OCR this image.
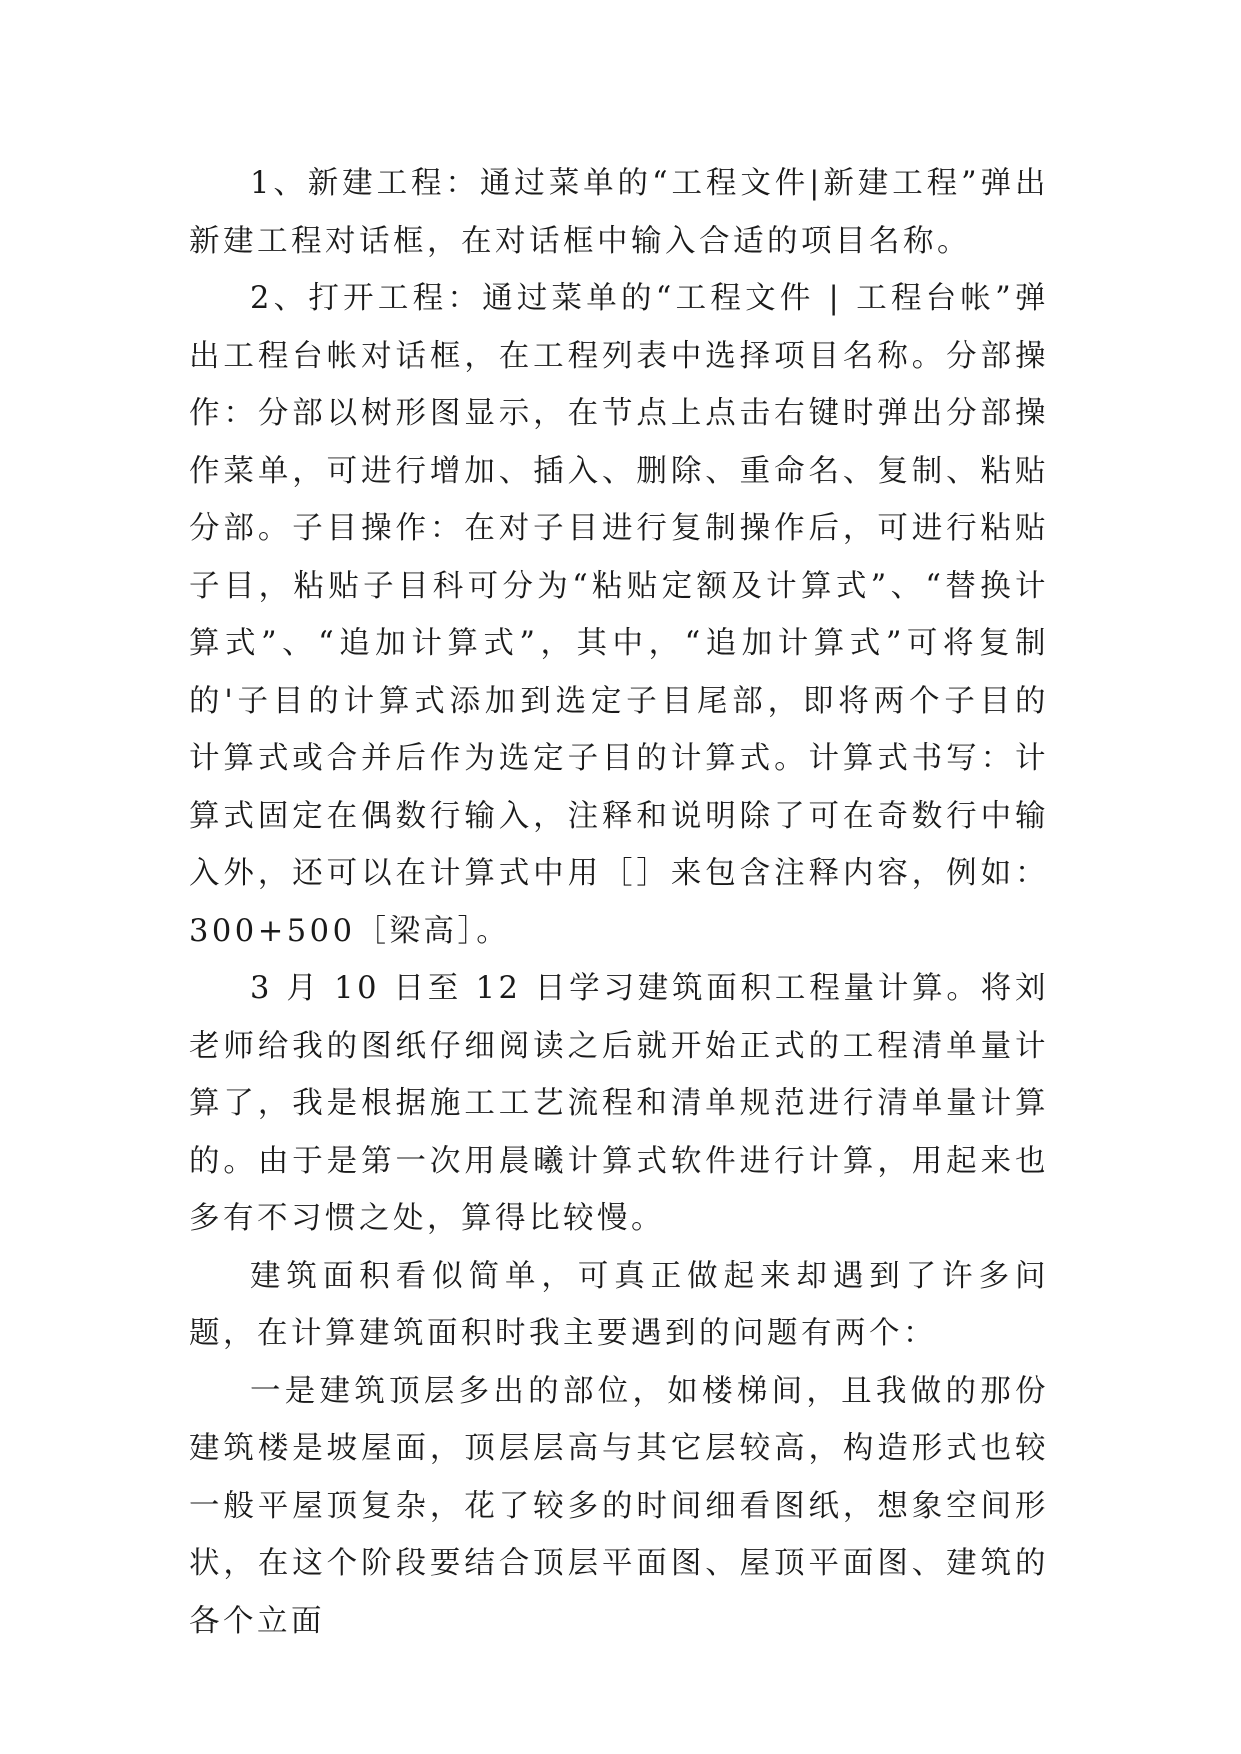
1、新建工程：通过菜单的“工程文件|新建工程”弹出新建工程对话框，在对话框中输入合适的项目名称。

2、打开工程：通过菜单的“工程文件 | 工程台帐”弹出工程台帐对话框，在工程列表中选择项目名称。分部操作：分部以树形图显示，在节点上点击右键时弹出分部操作菜单，可进行增加、插入、删除、重命名、复制、粘贴分部。子目操作：在对子目进行复制操作后，可进行粘贴子目，粘贴子目科可分为“粘贴定额及计算式”、“替换计算式”、“追加计算式”，其中，“追加计算式”可将复制的'子目的计算式添加到选定子目尾部，即将两个子目的计算式或合并后作为选定子目的计算式。计算式书写：计算式固定在偶数行输入，注释和说明除了可在奇数行中输入外，还可以在计算式中用［］来包含注释内容，例如：300+500［梁高］。

3 月 10 日至 12 日学习建筑面积工程量计算。将刘老师给我的图纸仔细阅读之后就开始正式的工程清单量计算了，我是根据施工工艺流程和清单规范进行清单量计算的。由于是第一次用晨曦计算式软件进行计算，用起来也多有不习惯之处，算得比较慢。

建筑面积看似简单，可真正做起来却遇到了许多问题，在计算建筑面积时我主要遇到的问题有两个：

一是建筑顶层多出的部位，如楼梯间，且我做的那份建筑楼是坡屋面，顶层层高与其它层较高，构造形式也较一般平屋顶复杂，花了较多的时间细看图纸，想象空间形状，在这个阶段要结合顶层平面图、屋顶平面图、建筑的各个立面
